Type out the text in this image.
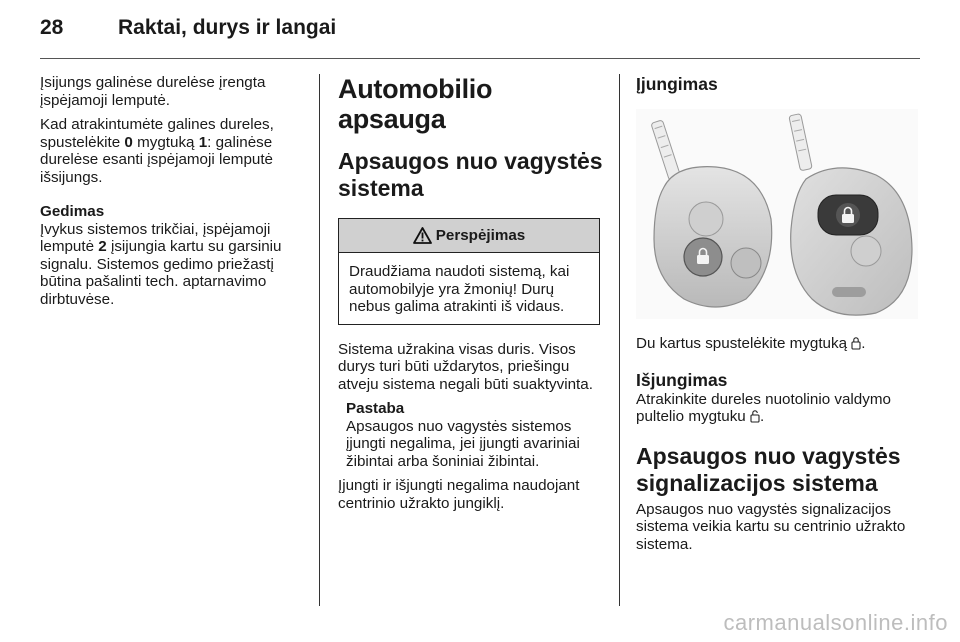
28	Raktai, durys ir langai

Įsijungs galinėse durelėse įrengta įspėjamoji lemputė.

Kad atrakintumėte galines dureles, spustelėkite 0 mygtuką 1: galinėse durelėse esanti įspėjamoji lemputė išsijungs.

Gedimas

Įvykus sistemos trikčiai, įspėjamoji lemputė 2 įsijungia kartu su garsiniu signalu. Sistemos gedimo priežastį būtina pašalinti tech. aptarnavimo dirbtuvėse.

Automobilio apsauga
Apsaugos nuo vagystės sistema
Perspėjimas

Draudžiama naudoti sistemą, kai automobilyje yra žmonių! Durų nebus galima atrakinti iš vidaus.

Sistema užrakina visas duris. Visos durys turi būti uždarytos, priešingu atveju sistema negali būti suaktyvinta.

Pastaba

Apsaugos nuo vagystės sistemos įjungti negalima, jei įjungti avariniai žibintai arba šoniniai žibintai.

Įjungti ir išjungti negalima naudojant centrinio užrakto jungiklį.

Įjungimas

Du kartus spustelėkite mygtuką .

Išjungimas

Atrakinkite dureles nuotolinio valdymo pultelio mygtuku .

Apsaugos nuo vagystės signalizacijos sistema

Apsaugos nuo vagystės signalizacijos sistema veikia kartu su centrinio užrakto sistema.

carmanualsonline.info
